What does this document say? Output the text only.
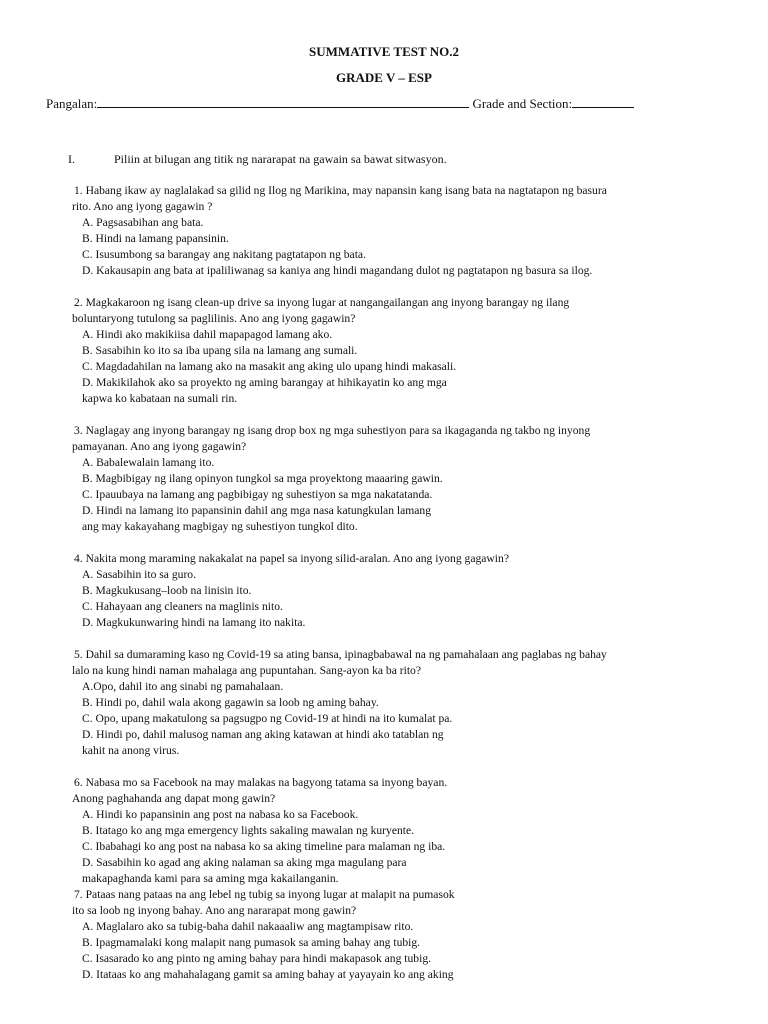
SUMMATIVE TEST NO.2
GRADE V – ESP
Pangalan:	Grade and Section:
I.	Piliin at bilugan ang titik ng nararapat na gawain sa bawat sitwasyon.
1. Habang ikaw ay naglalakad sa gilid ng Ilog ng Marikina, may napansin kang isang bata na nagtatapon ng basura
rito. Ano ang iyong gagawin ?
A. Pagsasabihan ang bata.
B. Hindi na lamang papansinin.
C. Isusumbong sa barangay ang nakitang pagtatapon ng bata.
D. Kakausapin ang bata at ipaliliwanag sa kaniya ang hindi magandang dulot ng pagtatapon ng basura sa ilog.
2. Magkakaroon ng isang clean-up drive sa inyong lugar at nangangailangan ang inyong barangay ng ilang
boluntaryong tutulong sa paglilinis. Ano ang iyong gagawin?
A. Hindi ako makikiisa dahil mapapagod lamang ako.
B. Sasabihin ko ito sa iba upang sila na lamang ang sumali.
C. Magdadahilan na lamang ako na masakit ang aking ulo upang hindi makasali.
D. Makikilahok ako sa proyekto ng aming barangay at hihikayatin ko ang mga
kapwa ko kabataan na sumali rin.
3. Naglagay ang inyong barangay ng isang drop box ng mga suhestiyon para sa ikagaganda ng takbo ng inyong
pamayanan. Ano ang iyong gagawin?
A. Babalewalain lamang ito.
B. Magbibigay ng ilang opinyon tungkol sa mga proyektong maaaring gawin.
C. Ipauubaya na lamang ang pagbibigay ng suhestiyon sa mga nakatatanda.
D. Hindi na lamang ito papansinin dahil ang mga nasa katungkulan lamang
ang may kakayahang magbigay ng suhestiyon tungkol dito.
4. Nakita mong maraming nakakalat na papel sa inyong silid-aralan. Ano ang iyong gagawin?
A. Sasabihin ito sa guro.
B. Magkukusang–loob na linisin ito.
C. Hahayaan ang cleaners na maglinis nito.
D. Magkukunwaring hindi na lamang ito nakita.
5. Dahil sa dumaraming kaso ng Covid-19 sa ating bansa, ipinagbabawal na ng pamahalaan ang paglabas ng bahay
lalo na kung hindi naman mahalaga ang pupuntahan. Sang-ayon ka ba rito?
A.Opo, dahil ito ang sinabi ng pamahalaan.
B. Hindi po, dahil wala akong gagawin sa loob ng aming bahay.
C. Opo, upang makatulong sa pagsugpo ng Covid-19 at hindi na ito kumalat pa.
D. Hindi po, dahil malusog naman ang aking katawan at hindi ako tatablan ng
kahit na anong virus.
6. Nabasa mo sa Facebook na may malakas na bagyong tatama sa inyong bayan.
Anong paghahanda ang dapat mong gawin?
A. Hindi ko papansinin ang post na nabasa ko sa Facebook.
B. Itatago ko ang mga emergency lights sakaling mawalan ng kuryente.
C. Ibabahagi ko ang post na nabasa ko sa aking timeline para malaman ng iba.
D. Sasabihin ko agad ang aking nalaman sa aking mga magulang para
makapaghanda kami para sa aming mga kakailanganin.
7. Pataas nang pataas na ang lebel ng tubig sa inyong lugar at malapit na pumasok
ito sa loob ng inyong bahay. Ano ang nararapat mong gawin?
A. Maglalaro ako sa tubig-baha dahil nakaaaliw ang magtampisaw rito.
B. Ipagmamalaki kong malapit nang pumasok sa aming bahay ang tubig.
C. Isasarado ko ang pinto ng aming bahay para hindi makapasok ang tubig.
D. Itataas ko ang mahahalagang gamit sa aming bahay at yayayain ko ang aking
